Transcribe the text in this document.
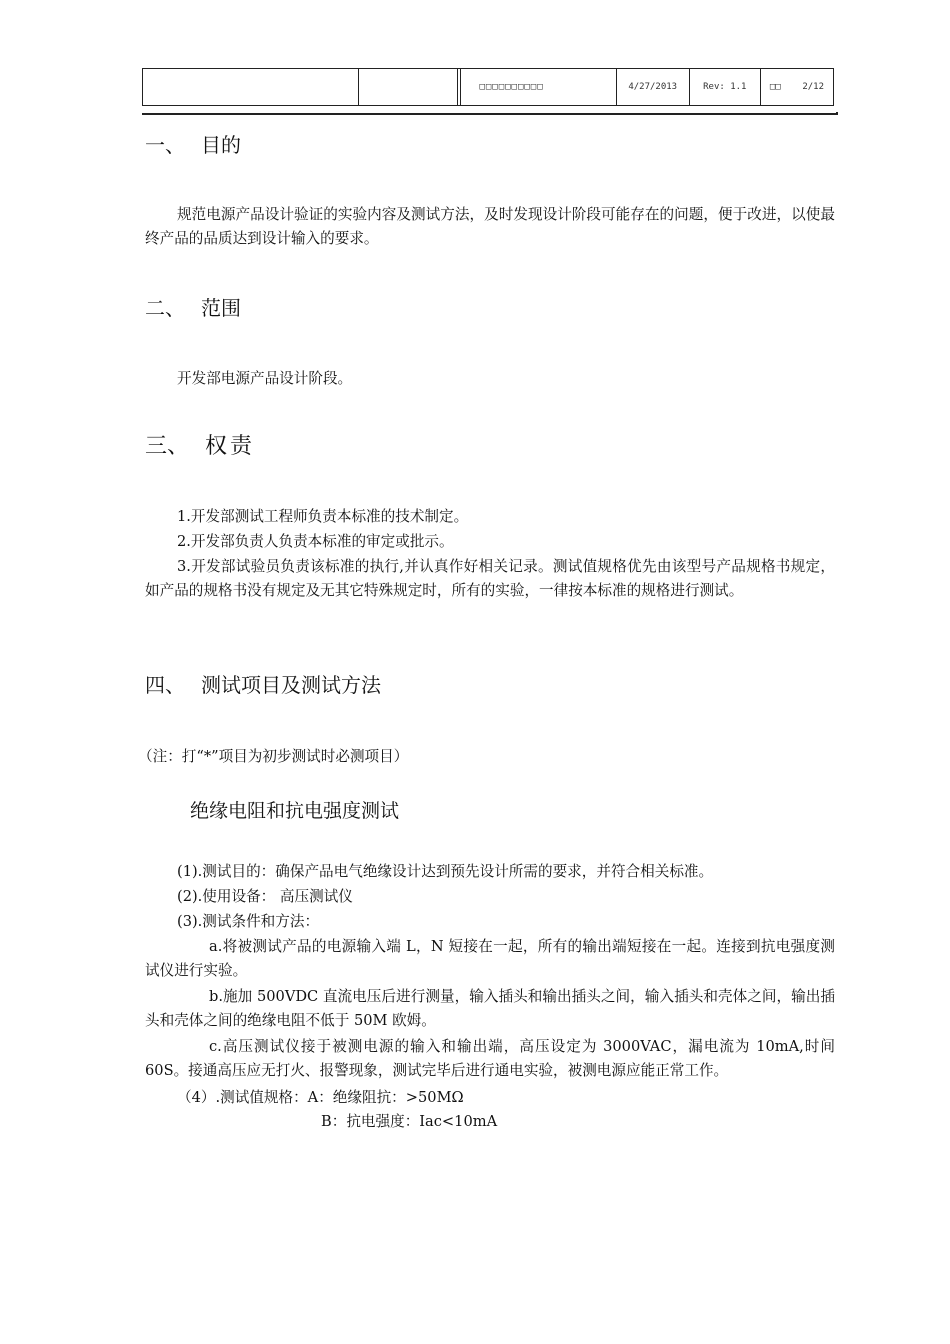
			□□□□□□□□□□	4/27/2013	Rev: 1.1	□□ 2/12
一、 目的
规范电源产品设计验证的实验内容及测试方法，及时发现设计阶段可能存在的问题，便于改进，以使最终产品的品质达到设计输入的要求。
二、 范围
开发部电源产品设计阶段。
三、 权责
1.开发部测试工程师负责本标准的技术制定。
2.开发部负责人负责本标准的审定或批示。
3.开发部试验员负责该标准的执行,并认真作好相关记录。测试值规格优先由该型号产品规格书规定，如产品的规格书没有规定及无其它特殊规定时，所有的实验，一律按本标准的规格进行测试。
四、 测试项目及测试方法
（注：打“*”项目为初步测试时必测项目）
绝缘电阻和抗电强度测试
(1).测试目的：确保产品电气绝缘设计达到预先设计所需的要求，并符合相关标准。
(2).使用设备： 高压测试仪
(3).测试条件和方法：
a.将被测试产品的电源输入端 L，N 短接在一起，所有的输出端短接在一起。连接到抗电强度测试仪进行实验。
b.施加 500VDC 直流电压后进行测量，输入插头和输出插头之间，输入插头和壳体之间，输出插头和壳体之间的绝缘电阻不低于 50M 欧姆。
c.高压测试仪接于被测电源的输入和输出端，高压设定为 3000VAC，漏电流为 10mA,时间 60S。接通高压应无打火、报警现象，测试完毕后进行通电实验，被测电源应能正常工作。
（4）.测试值规格：A：绝缘阻抗：>50MΩ
B：抗电强度：Iac<10mA
